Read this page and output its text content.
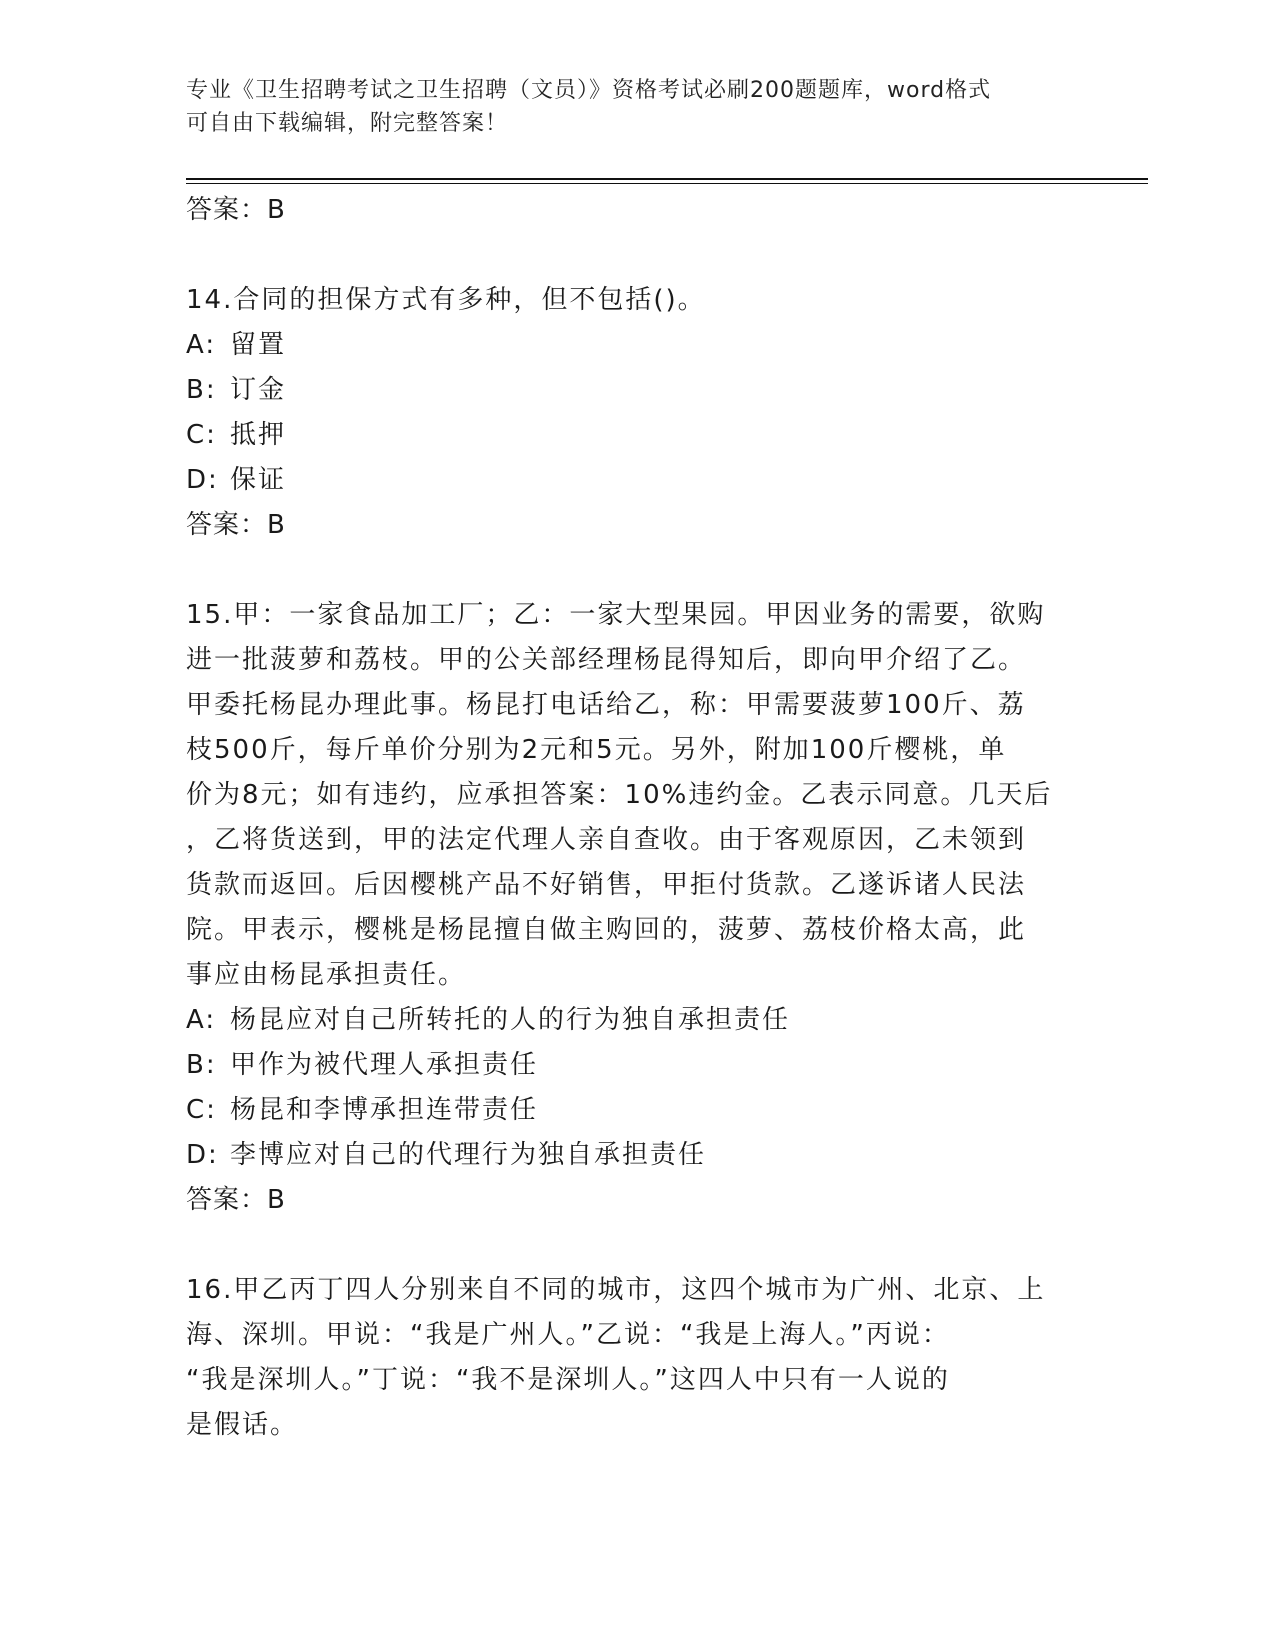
专业《卫生招聘考试之卫生招聘（文员）》资格考试必刷200题题库，word格式
可自由下载编辑，附完整答案！
答案：B
14.合同的担保方式有多种，但不包括()。
A: 留置
B: 订金
C: 抵押
D: 保证
答案：B
15.甲：一家食品加工厂；乙：一家大型果园。甲因业务的需要，欲购
进一批菠萝和荔枝。甲的公关部经理杨昆得知后，即向甲介绍了乙。
甲委托杨昆办理此事。杨昆打电话给乙，称：甲需要菠萝100斤、荔
枝500斤，每斤单价分别为2元和5元。另外，附加100斤樱桃，单
价为8元；如有违约，应承担答案：10%违约金。乙表示同意。几天后
，乙将货送到，甲的法定代理人亲自查收。由于客观原因，乙未领到
货款而返回。后因樱桃产品不好销售，甲拒付货款。乙遂诉诸人民法
院。甲表示，樱桃是杨昆擅自做主购回的，菠萝、荔枝价格太高，此
事应由杨昆承担责任。
A: 杨昆应对自己所转托的人的行为独自承担责任
B: 甲作为被代理人承担责任
C: 杨昆和李博承担连带责任
D: 李博应对自己的代理行为独自承担责任
答案：B
16.甲乙丙丁四人分别来自不同的城市，这四个城市为广州、北京、上
海、深圳。甲说：“我是广州人。”乙说：“我是上海人。”丙说：
“我是深圳人。”丁说：“我不是深圳人。”这四人中只有一人说的
是假话。
